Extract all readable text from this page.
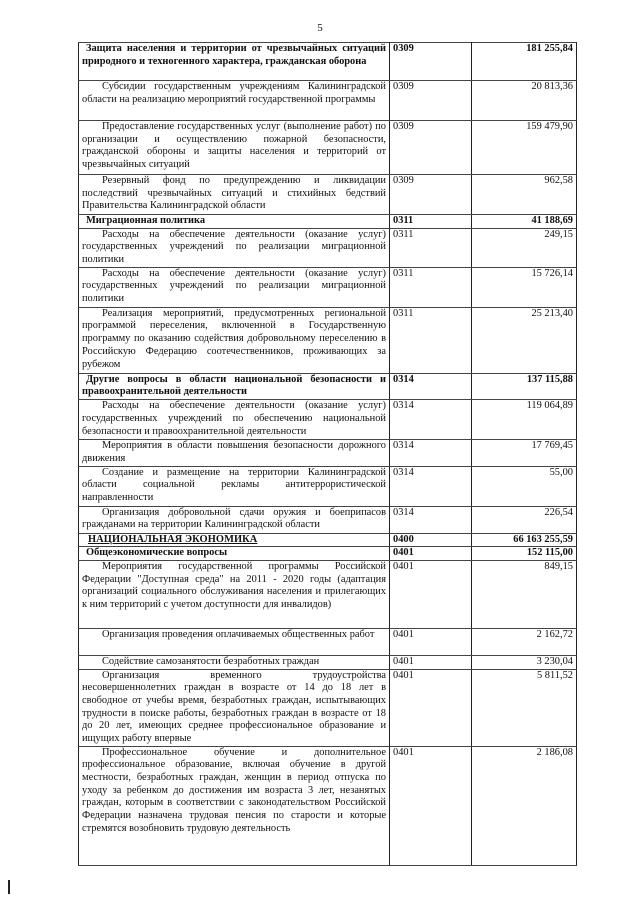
5
Защита населения и территории от чрезвычайных ситуаций природного и техногенного характера, гражданская оборона	0309	181 255,84

Субсидии государственным учреждениям Калининградской области на реализацию мероприятий государственной программы	0309	20 813,36

Предоставление государственных услуг (выполнение работ) по организации и осуществлению пожарной безопасности, гражданской обороны и защиты населения и территорий от чрезвычайных ситуаций	0309	159 479,90

Резервный фонд по предупреждению и ликвидации последствий чрезвычайных ситуаций и стихийных бедствий Правительства Калининградской области	0309	962,58
Миграционная политика	0311	41 188,69

Расходы на обеспечение деятельности (оказание услуг) государственных учреждений по реализации миграционной политики	0311	249,15

Расходы на обеспечение деятельности (оказание услуг) государственных учреждений по реализации миграционной политики	0311	15 726,14

Реализация мероприятий, предусмотренных региональной программой переселения, включенной в Государственную программу по оказанию содействия добровольному переселению в Российскую Федерацию соотечественников, проживающих за рубежом	0311	25 213,40
Другие вопросы в области национальной безопасности и правоохранительной деятельности	0314	137 115,88

Расходы на обеспечение деятельности (оказание услуг) государственных учреждений по обеспечению национальной безопасности и правоохранительной деятельности	0314	119 064,89

Мероприятия в области повышения безопасности дорожного движения	0314	17 769,45

Создание и размещение на территории Калининградской области социальной рекламы антитеррористической направленности	0314	55,00

Организация добровольной сдачи оружия и боеприпасов гражданами на территории Калининградской области	0314	226,54
НАЦИОНАЛЬНАЯ ЭКОНОМИКА	0400	66 163 255,59
Общеэкономические вопросы	0401	152 115,00

Мероприятия государственной программы Российской Федерации "Доступная среда" на 2011 - 2020 годы (адаптация организаций социального обслуживания населения и прилегающих к ним территорий с учетом доступности для инвалидов)	0401	849,15

Организация проведения оплачиваемых общественных работ	0401	2 162,72

Содействие самозанятости безработных граждан	0401	3 230,04

Организация временного трудоустройства несовершеннолетних граждан в возрасте от 14 до 18 лет в свободное от учебы время, безработных граждан, испытывающих трудности в поиске работы, безработных граждан в возрасте от 18 до 20 лет, имеющих среднее профессиональное образование и ищущих работу впервые	0401	5 811,52

Профессиональное обучение и дополнительное профессиональное образование, включая обучение в другой местности, безработных граждан, женщин в период отпуска по уходу за ребенком до достижения им возраста 3 лет, незанятых граждан, которым в соответствии с законодательством Российской Федерации назначена трудовая пенсия по старости и которые стремятся возобновить трудовую деятельность	0401	2 186,08
